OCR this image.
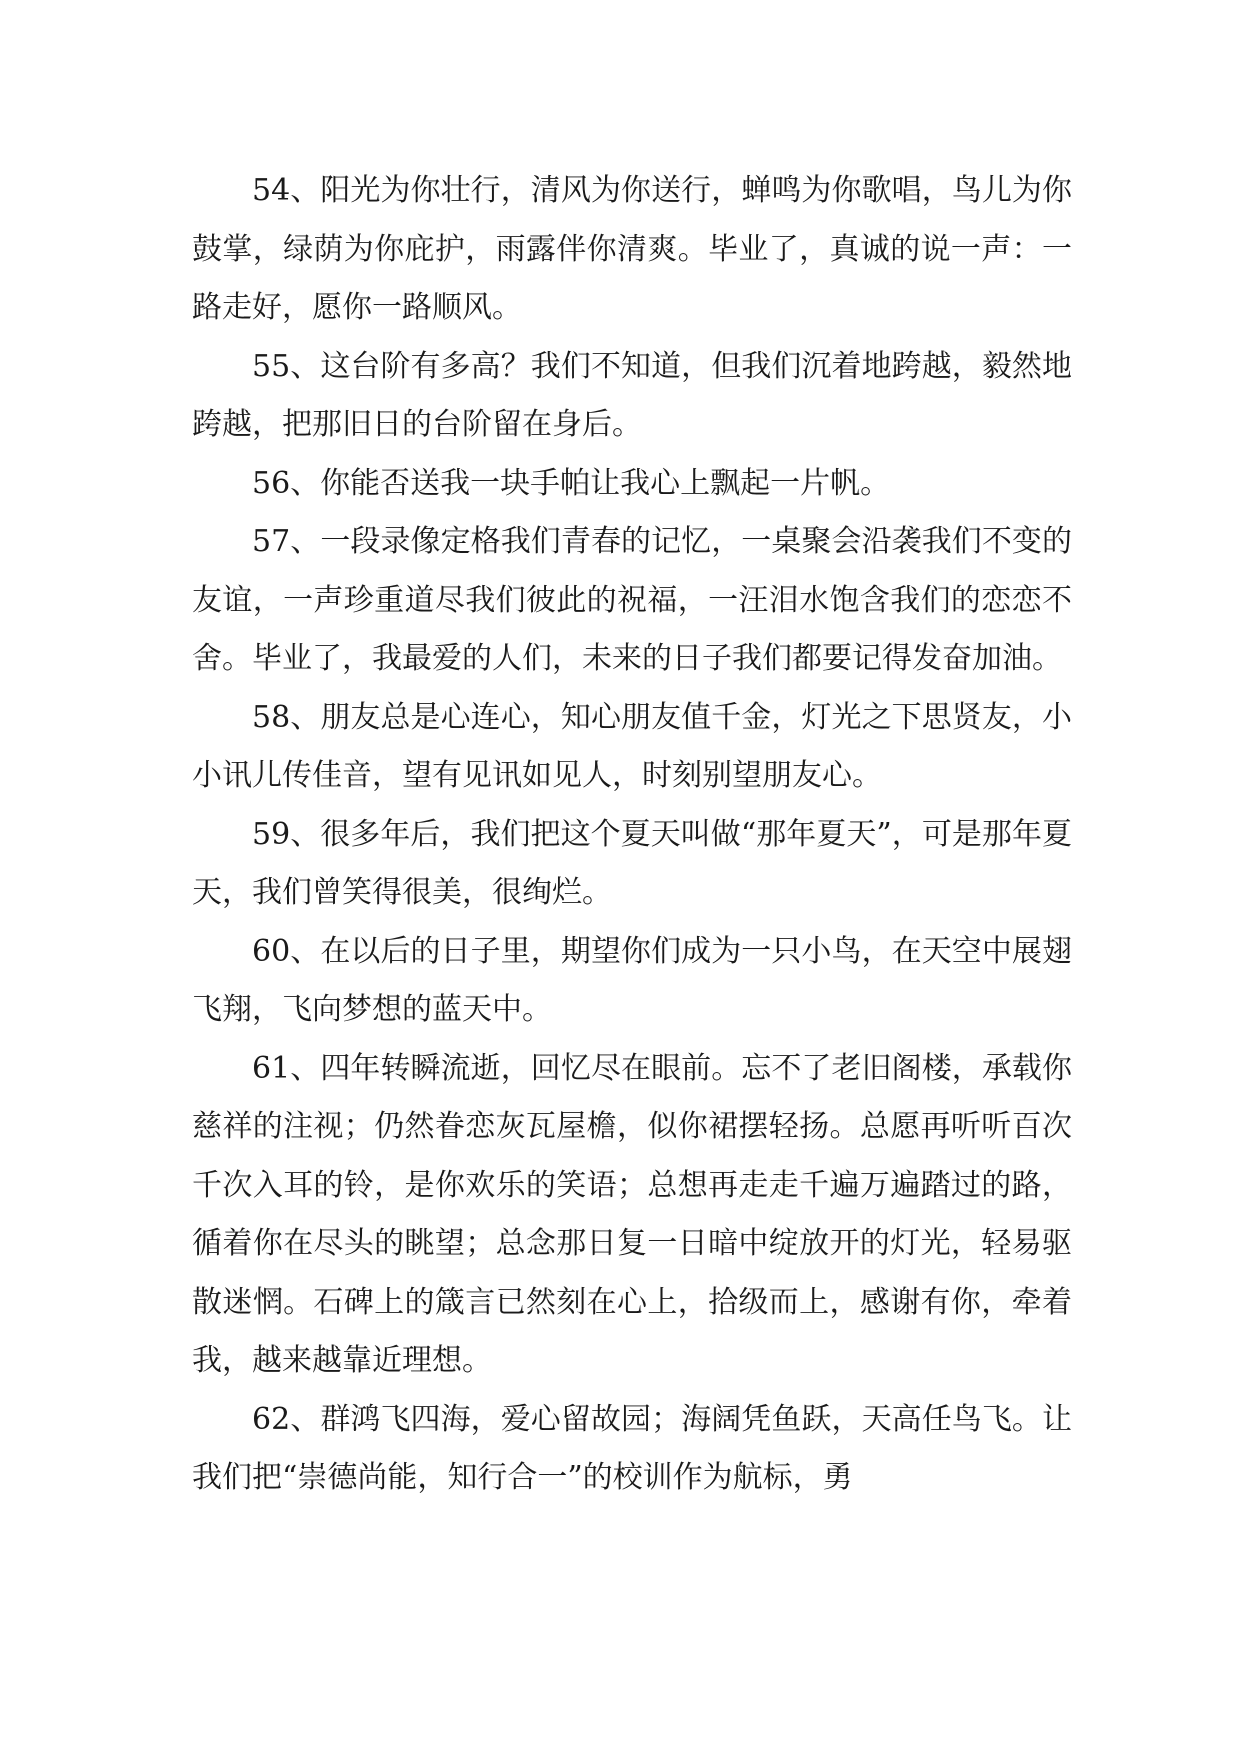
54、阳光为你壮行，清风为你送行，蝉鸣为你歌唱，鸟儿为你鼓掌，绿荫为你庇护，雨露伴你清爽。毕业了，真诚的说一声：一路走好，愿你一路顺风。

55、这台阶有多高？我们不知道，但我们沉着地跨越，毅然地跨越，把那旧日的台阶留在身后。

56、你能否送我一块手帕让我心上飘起一片帆。

57、一段录像定格我们青春的记忆，一桌聚会沿袭我们不变的友谊，一声珍重道尽我们彼此的祝福，一汪泪水饱含我们的恋恋不舍。毕业了，我最爱的人们，未来的日子我们都要记得发奋加油。

58、朋友总是心连心，知心朋友值千金，灯光之下思贤友，小小讯儿传佳音，望有见讯如见人，时刻别望朋友心。

59、很多年后，我们把这个夏天叫做“那年夏天”，可是那年夏天，我们曾笑得很美，很绚烂。

60、在以后的日子里，期望你们成为一只小鸟，在天空中展翅飞翔，飞向梦想的蓝天中。

61、四年转瞬流逝，回忆尽在眼前。忘不了老旧阁楼，承载你慈祥的注视；仍然眷恋灰瓦屋檐，似你裙摆轻扬。总愿再听听百次千次入耳的铃，是你欢乐的笑语；总想再走走千遍万遍踏过的路，循着你在尽头的眺望；总念那日复一日暗中绽放开的灯光，轻易驱散迷惘。石碑上的箴言已然刻在心上，拾级而上，感谢有你，牵着我，越来越靠近理想。

62、群鸿飞四海，爱心留故园；海阔凭鱼跃，天高任鸟飞。让我们把“崇德尚能，知行合一”的校训作为航标，勇
